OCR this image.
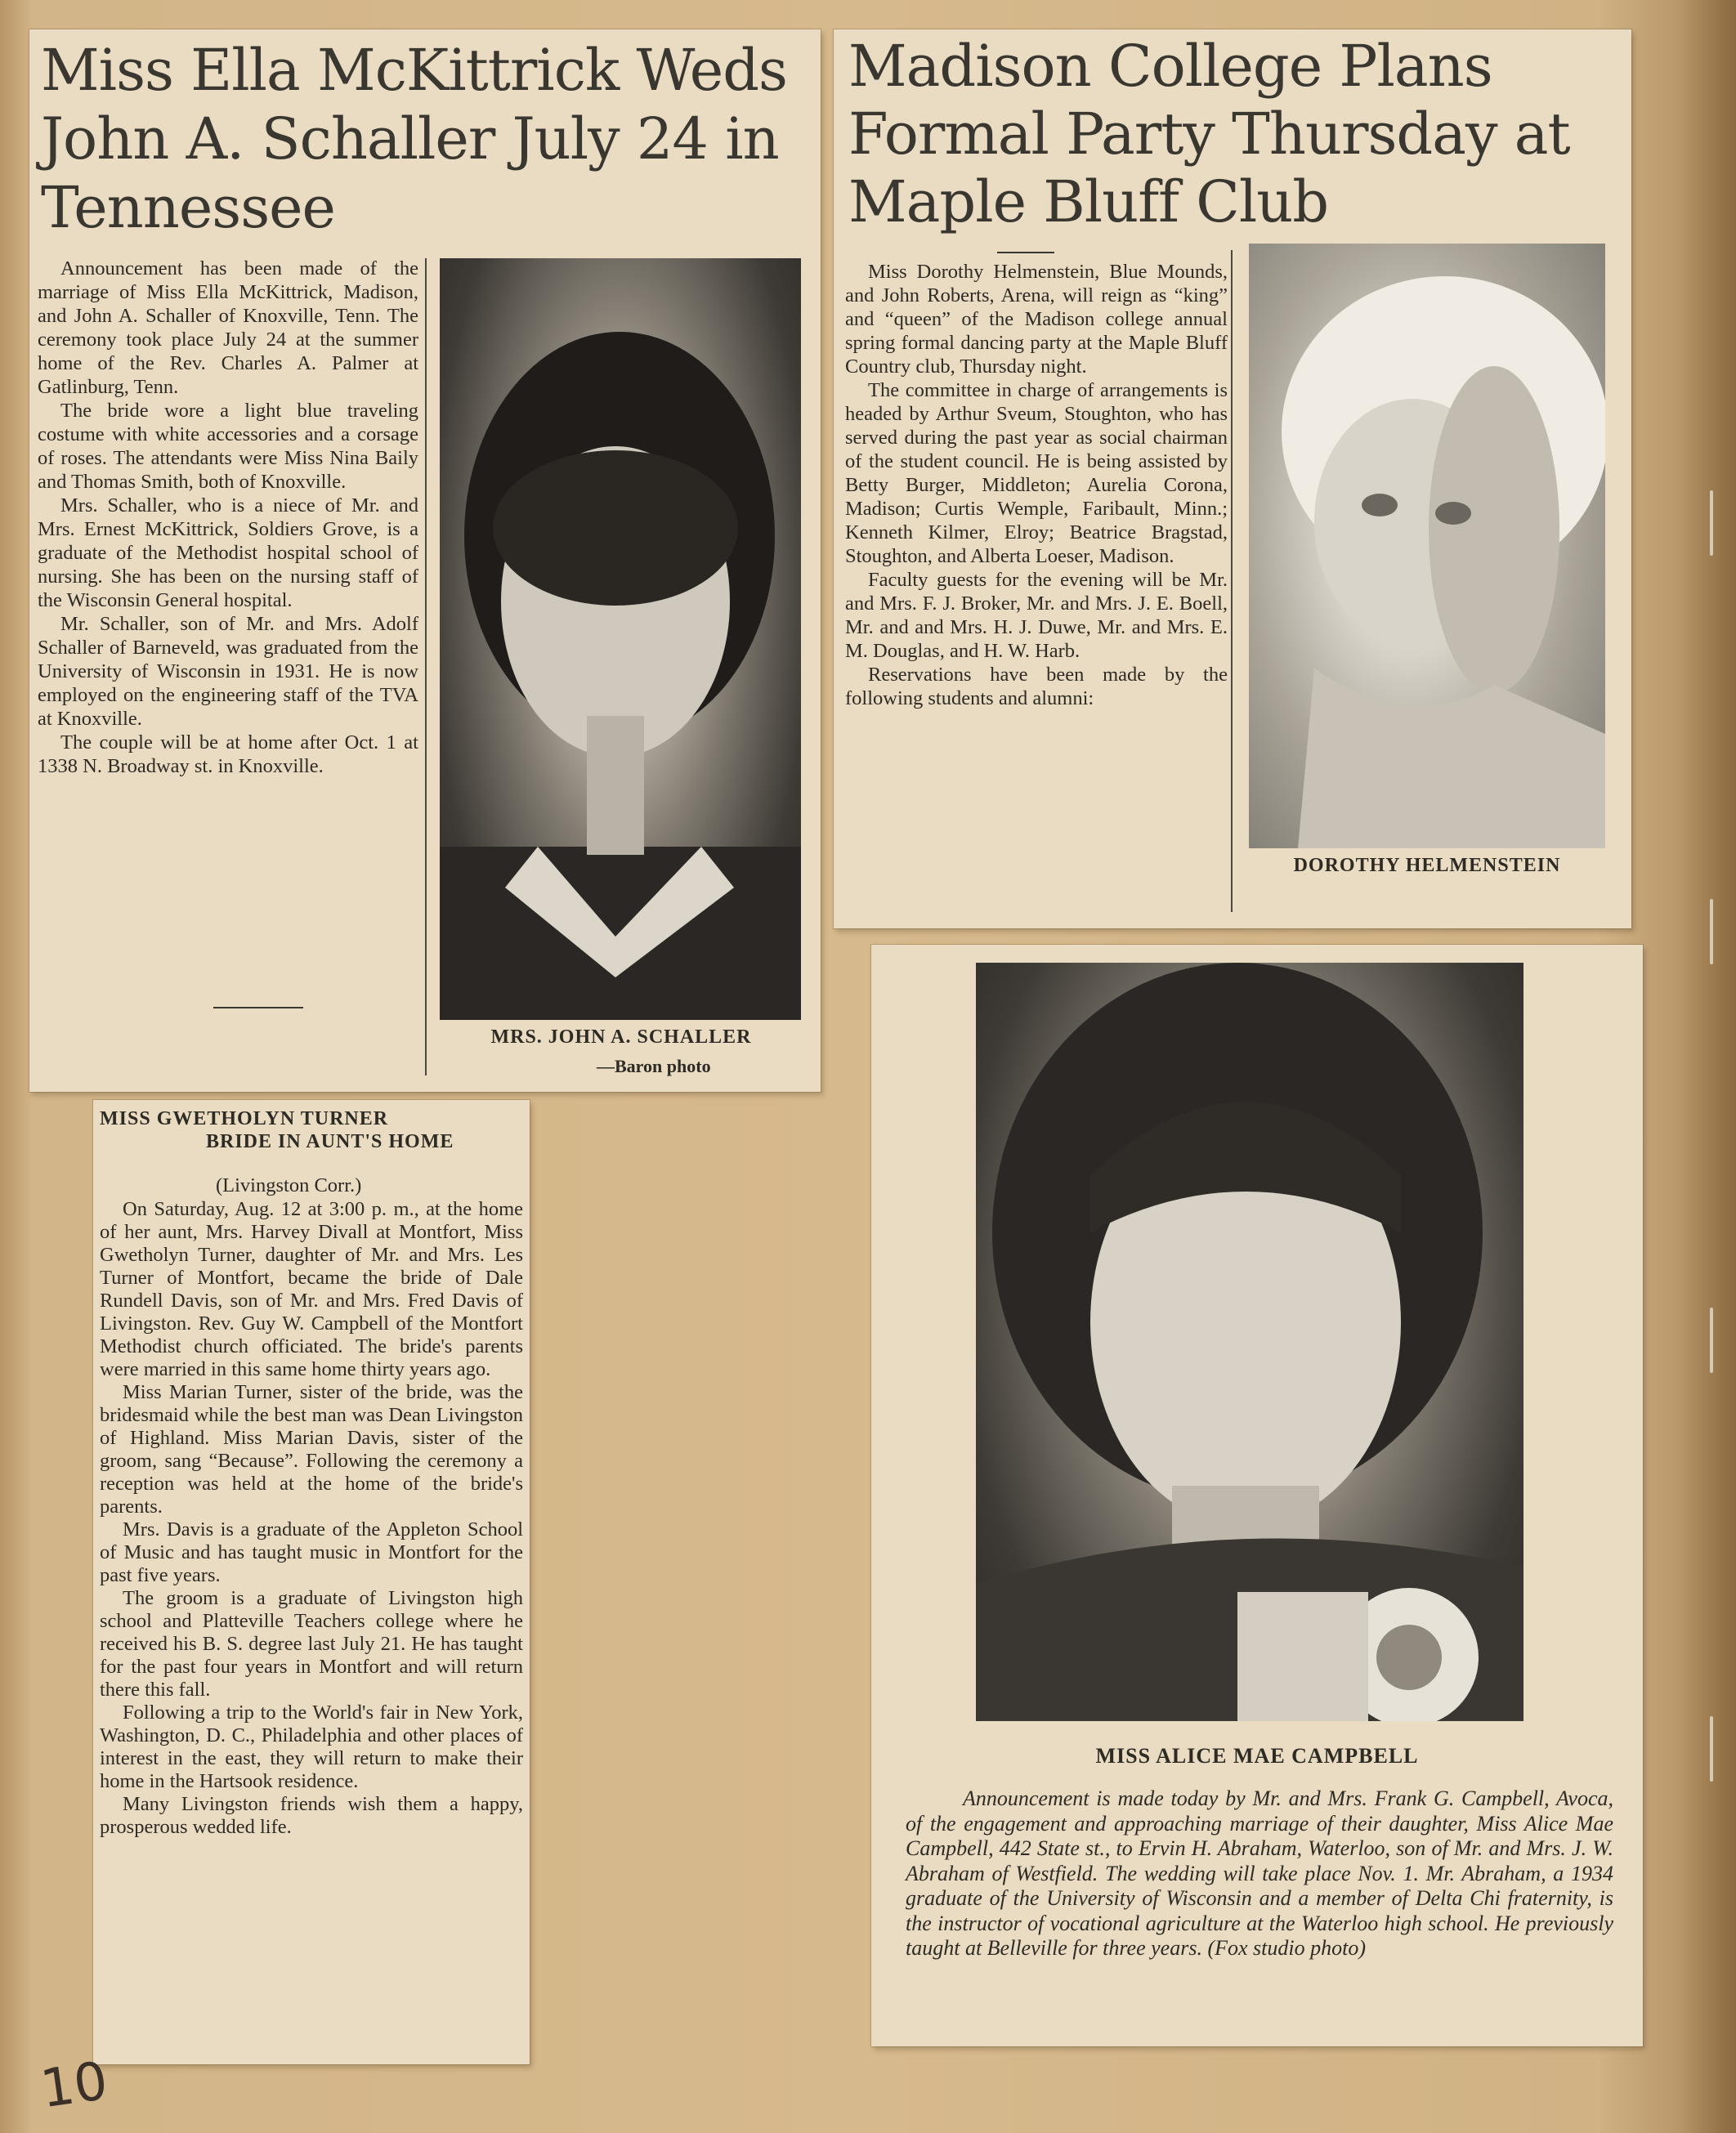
Miss Ella McKittrick Weds John A. Schaller July 24 in Tennessee

Announcement has been made of the marriage of Miss Ella McKittrick, Madison, and John A. Schaller of Knoxville, Tenn. The ceremony took place July 24 at the summer home of the Rev. Charles A. Palmer at Gatlinburg, Tenn.

The bride wore a light blue traveling costume with white accessories and a corsage of roses. The attendants were Miss Nina Baily and Thomas Smith, both of Knoxville.

Mrs. Schaller, who is a niece of Mr. and Mrs. Ernest McKittrick, Soldiers Grove, is a graduate of the Methodist hospital school of nursing. She has been on the nursing staff of the Wisconsin General hospital.

Mr. Schaller, son of Mr. and Mrs. Adolf Schaller of Barneveld, was graduated from the University of Wisconsin in 1931. He is now employed on the engineering staff of the TVA at Knoxville.

The couple will be at home after Oct. 1 at 1338 N. Broadway st. in Knoxville.

MRS. JOHN A. SCHALLER
—Baron photo
Madison College Plans Formal Party Thursday at Maple Bluff Club

Miss Dorothy Helmenstein, Blue Mounds, and John Roberts, Arena, will reign as “king” and “queen” of the Madison college annual spring formal dancing party at the Maple Bluff Country club, Thursday night.

The committee in charge of arrangements is headed by Arthur Sveum, Stoughton, who has served during the past year as social chairman of the student council. He is being assisted by Betty Burger, Middleton; Aurelia Corona, Madison; Curtis Wemple, Faribault, Minn.; Kenneth Kilmer, Elroy; Beatrice Bragstad, Stoughton, and Alberta Loeser, Madison.

Faculty guests for the evening will be Mr. and Mrs. F. J. Broker, Mr. and Mrs. J. E. Boell, Mr. and and Mrs. H. J. Duwe, Mr. and Mrs. E. M. Douglas, and H. W. Harb.

Reservations have been made by the following students and alumni:

DOROTHY HELMENSTEIN
MISS GWETHOLYN TURNER
BRIDE IN AUNT'S HOME

(Livingston Corr.)

On Saturday, Aug. 12 at 3:00 p. m., at the home of her aunt, Mrs. Harvey Divall at Montfort, Miss Gwetholyn Turner, daughter of Mr. and Mrs. Les Turner of Montfort, became the bride of Dale Rundell Davis, son of Mr. and Mrs. Fred Davis of Livingston. Rev. Guy W. Campbell of the Montfort Methodist church officiated. The bride's parents were married in this same home thirty years ago.

Miss Marian Turner, sister of the bride, was the bridesmaid while the best man was Dean Livingston of Highland. Miss Marian Davis, sister of the groom, sang “Because”. Following the ceremony a reception was held at the home of the bride's parents.

Mrs. Davis is a graduate of the Appleton School of Music and has taught music in Montfort for the past five years.

The groom is a graduate of Livingston high school and Platteville Teachers college where he received his B. S. degree last July 21. He has taught for the past four years in Montfort and will return there this fall.

Following a trip to the World's fair in New York, Washington, D. C., Philadelphia and other places of interest in the east, they will return to make their home in the Hartsook residence.

Many Livingston friends wish them a happy, prosperous wedded life.

MISS ALICE MAE CAMPBELL

Announcement is made today by Mr. and Mrs. Frank G. Campbell, Avoca, of the engagement and approaching marriage of their daughter, Miss Alice Mae Campbell, 442 State st., to Ervin H. Abraham, Waterloo, son of Mr. and Mrs. J. W. Abraham of Westfield. The wedding will take place Nov. 1. Mr. Abraham, a 1934 graduate of the University of Wisconsin and a member of Delta Chi fraternity, is the instructor of vocational agriculture at the Waterloo high school. He previously taught at Belleville for three years. (Fox studio photo)

10
